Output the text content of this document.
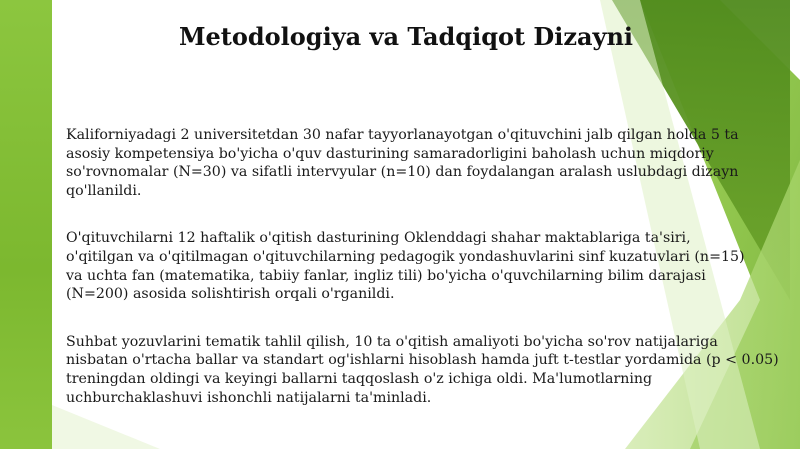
Metodologiya va Tadqiqot Dizayni

Kaliforniyadagi 2 universitetdan 30 nafar tayyorlanayotgan o'qituvchini jalb qilgan holda 5 ta
asosiy kompetensiya bo'yicha o'quv dasturining samaradorligini baholash uchun miqdoriy
so'rovnomalar (N=30) va sifatli intervyular (n=10) dan foydalangan aralash uslubdagi dizayn
qo'llanildi.

O'qituvchilarni 12 haftalik o'qitish dasturining Oklenddagi shahar maktablariga ta'siri,
o'qitilgan va o'qitilmagan o'qituvchilarning pedagogik yondashuvlarini sinf kuzatuvlari (n=15)
va uchta fan (matematika, tabiiy fanlar, ingliz tili) bo'yicha o'quvchilarning bilim darajasi
(N=200) asosida solishtirish orqali o'rganildi.

Suhbat yozuvlarini tematik tahlil qilish, 10 ta o'qitish amaliyoti bo'yicha so'rov natijalariga
nisbatan o'rtacha ballar va standart og'ishlarni hisoblash hamda juft t-testlar yordamida (p < 0.05)
treningdan oldingi va keyingi ballarni taqqoslash o'z ichiga oldi. Ma'lumotlarning
uchburchaklashuvi ishonchli natijalarni ta'minladi.
